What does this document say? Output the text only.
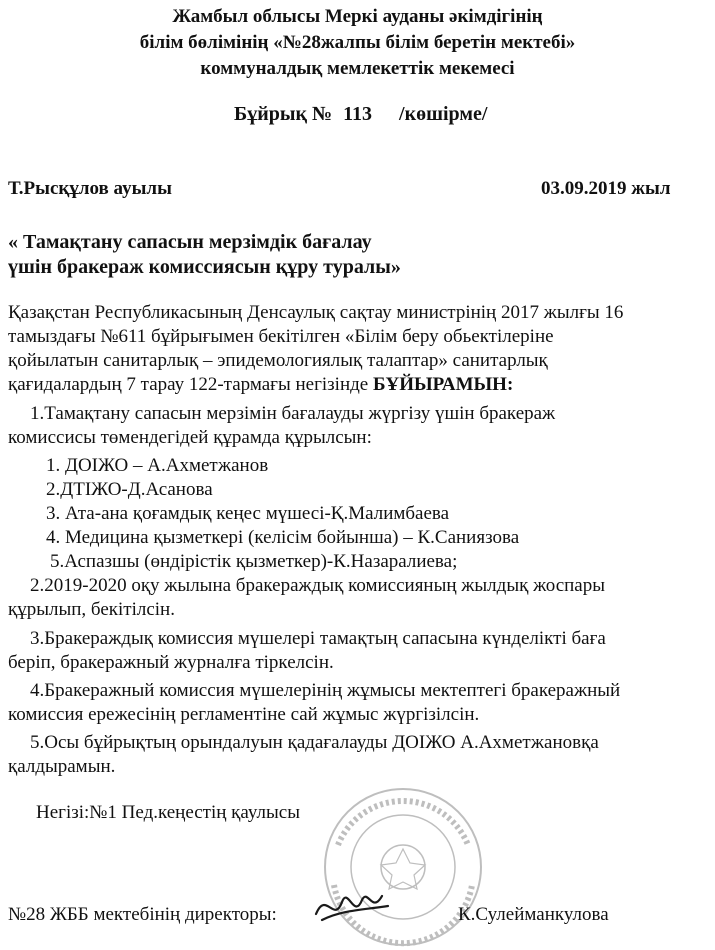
Жамбыл облысы Меркі ауданы әкімдігінің
білім бөлімінің «№28жалпы білім беретін мектебі»
коммуналдық мемлекеттік мекемесі
Бұйрық № 113 /көшірме/
Т.Рысқұлов ауылы	03.09.2019 жыл
« Тамақтану сапасын мерзімдік бағалау
үшін бракераж комиссиясын құру туралы»
Қазақстан Республикасының Денсаулық сақтау министрінің 2017 жылғы 16
тамыздағы №611 бұйрығымен бекітілген «Білім беру обьектілеріне
қойылатын санитарлық – эпидемологиялық талаптар» санитарлық
қағидалардың 7 тарау 122-тармағы негізінде БҰЙЫРАМЫН:
1.Тамақтану сапасын мерзімін бағалауды жүргізу үшін бракераж
комиссисы төмендегідей құрамда құрылсын:
1. ДОІЖО – А.Ахметжанов
2.ДТІЖО-Д.Асанова
3. Ата-ана қоғамдық кеңес мүшесі-Қ.Малимбаева
4. Медицина қызметкері (келісім бойынша) – К.Саниязова
5.Аспазшы (өндірістік қызметкер)-К.Назаралиева;
2.2019-2020 оқу жылына бракераждық комиссияның жылдық жоспары
құрылып, бекітілсін.
3.Бракераждық комиссия мүшелері тамақтың сапасына күнделікті баға
беріп, бракеражный журналға тіркелсін.
4.Бракеражный комиссия мүшелерінің жұмысы мектептегі бракеражный
комиссия ережесінің регламентіне сай жұмыс жүргізілсін.
5.Осы бұйрықтың орындалуын қадағалауды ДОІЖО А.Ахметжановқа
қалдырамын.
Негізі:№1 Пед.кеңестің қаулысы
№28 ЖББ мектебінің директоры:	К.Сулейманкулова
